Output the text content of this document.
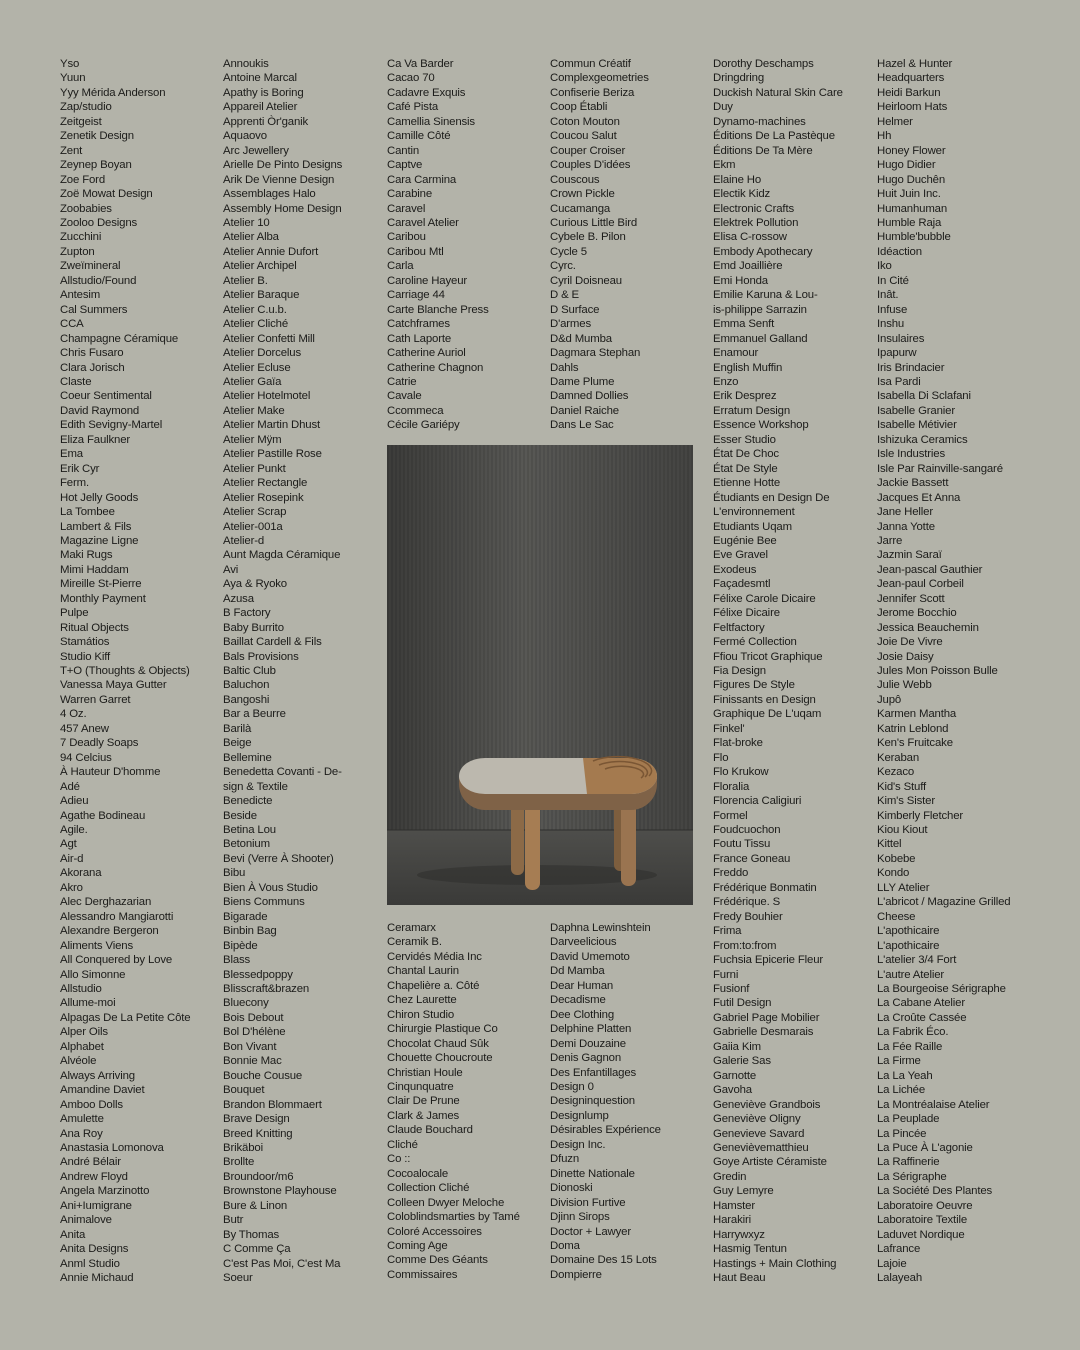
Yso
Yuun
Yyy Mérida Anderson
Zap/studio
Zeitgeist
Zenetik Design
Zent
Zeynep Boyan
Zoe Ford
Zoë Mowat Design
Zoobabies
Zooloo Designs
Zucchini
Zupton
Zweïmineral
Allstudio/Found
Antesim
Cal Summers
CCA
Champagne Céramique
Chris Fusaro
Clara Jorisch
Claste
Coeur Sentimental
David Raymond
Edith Sevigny-Martel
Eliza Faulkner
Ema
Erik Cyr
Ferm.
Hot Jelly Goods
La Tombee
Lambert & Fils
Magazine Ligne
Maki Rugs
Mimi Haddam
Mireille St-Pierre
Monthly Payment
Pulpe
Ritual Objects
Stamátios
Studio Kiff
T+O (Thoughts & Objects)
Vanessa Maya Gutter
Warren Garret
4 Oz.
457 Anew
7 Deadly Soaps
94 Celcius
À Hauteur D'homme
Adé
Adieu
Agathe Bodineau
Agile.
Agt
Air-d
Akorana
Akro
Alec Derghazarian
Alessandro Mangiarotti
Alexandre Bergeron
Aliments Viens
All Conquered by Love
Allo Simonne
Allstudio
Allume-moi
Alpagas De La Petite Côte
Alper Oils
Alphabet
Alvéole
Always Arriving
Amandine Daviet
Amboo Dolls
Amulette
Ana Roy
Anastasia Lomonova
André Bélair
Andrew Floyd
Angela Marzinotto
Ani+Iumigrane
Animalove
Anita
Anita Designs
Anml Studio
Annie Michaud
Annoukis
Antoine Marcal
Apathy is Boring
Appareil Atelier
Apprenti Òr'ganik
Aquaovo
Arc Jewellery
Arielle De Pinto Designs
Arik De Vienne Design
Assemblages Halo
Assembly Home Design
Atelier 10
Atelier Alba
Atelier Annie Dufort
Atelier Archipel
Atelier B.
Atelier Baraque
Atelier C.u.b.
Atelier Cliché
Atelier Confetti Mill
Atelier Dorcelus
Atelier Ecluse
Atelier Gaïa
Atelier Hotelmotel
Atelier Make
Atelier Martin Dhust
Atelier Mÿm
Atelier Pastille Rose
Atelier Punkt
Atelier Rectangle
Atelier Rosepink
Atelier Scrap
Atelier-001a
Atelier-d
Aunt Magda Céramique
Avi
Aya & Ryoko
Azusa
B Factory
Baby Burrito
Baillat Cardell & Fils
Bals Provisions
Baltic Club
Baluchon
Bangoshi
Bar a Beurre
Barilà
Beige
Bellemine
Benedetta Covanti - De-
sign & Textile
Benedicte
Beside
Betina Lou
Betonium
Bevi (Verre À Shooter)
Bibu
Bien À Vous Studio
Biens Communs
Bigarade
Binbin Bag
Bipède
Blass
Blessedpoppy
Blisscraft&brazen
Bluecony
Bois Debout
Bol D'hélène
Bon Vivant
Bonnie Mac
Bouche Cousue
Bouquet
Brandon Blommaert
Brave Design
Breed Knitting
Brikäboi
Brollte
Broundoor/m6
Brownstone Playhouse
Bure & Linon
Butr
By Thomas
C Comme Ça
C'est Pas Moi, C'est Ma
Soeur
Ca Va Barder
Cacao 70
Cadavre Exquis
Café Pista
Camellia Sinensis
Camille Côté
Cantin
Captve
Cara Carmina
Carabine
Caravel
Caravel Atelier
Caribou
Caribou Mtl
Carla
Caroline Hayeur
Carriage 44
Carte Blanche Press
Catchframes
Cath Laporte
Catherine Auriol
Catherine Chagnon
Catrie
Cavale
Ccommeca
Cécile Gariépy
Commun Créatif
Complexgeometries
Confiserie Beriza
Coop Établi
Coton Mouton
Coucou Salut
Couper Croiser
Couples D'idées
Couscous
Crown Pickle
Cucamanga
Curious Little Bird
Cybele B. Pilon
Cycle 5
Cyrc.
Cyril Doisneau
D & E
D Surface
D'armes
D&d Mumba
Dagmara Stephan
Dahls
Dame Plume
Damned Dollies
Daniel Raiche
Dans Le Sac
Dorothy Deschamps
Dringdring
Duckish Natural Skin Care
Duy
Dynamo-machines
Éditions De La Pastèque
Éditions De Ta Mère
Ekm
Elaine Ho
Electik Kidz
Electronic Crafts
Elektrek Pollution
Elisa C-rossow
Embody Apothecary
Emd Joaillière
Emi Honda
Emilie Karuna & Lou-
is-philippe Sarrazin
Emma Senft
Emmanuel Galland
Enamour
English Muffin
Enzo
Erik Desprez
Erratum Design
Essence Workshop
Esser Studio
État De Choc
État De Style
Etienne Hotte
Étudiants en Design De
L'environnement
Etudiants Uqam
Eugénie Bee
Eve Gravel
Exodeus
Façadesmtl
Félixe Carole Dicaire
Félixe Dicaire
Feltfactory
Fermé Collection
Ffiou Tricot Graphique
Fia Design
Figures De Style
Finissants en Design
Graphique De L'uqam
Finkel'
Flat-broke
Flo
Flo Krukow
Floralia
Florencia Caligiuri
Formel
Foudcuochon
Foutu Tissu
France Goneau
Freddo
Frédérique Bonmatin
Frédérique. S
Fredy Bouhier
Frima
From:to:from
Fuchsia Epicerie Fleur
Furni
Fusionf
Futil Design
Gabriel Page Mobilier
Gabrielle Desmarais
Gaiia Kim
Galerie Sas
Garnotte
Gavoha
Geneviève Grandbois
Geneviève Oligny
Genevieve Savard
Genevièvematthieu
Goye Artiste Céramiste
Gredin
Guy Lemyre
Hamster
Harakiri
Harrywxyz
Hasmig Tentun
Hastings + Main Clothing
Haut Beau
Hazel & Hunter
Headquarters
Heidi Barkun
Heirloom Hats
Helmer
Hh
Honey Flower
Hugo Didier
Hugo Duchên
Huit Juin Inc.
Humanhuman
Humble Raja
Humble'bubble
Idéaction
Iko
In Cité
Inât.
Infuse
Inshu
Insulaires
Ipapurw
Iris Brindacier
Isa Pardi
Isabella Di Sclafani
Isabelle Granier
Isabelle Métivier
Ishizuka Ceramics
Isle Industries
Isle Par Rainville-sangaré
Jackie Bassett
Jacques Et Anna
Jane Heller
Janna Yotte
Jarre
Jazmin Saraï
Jean-pascal Gauthier
Jean-paul Corbeil
Jennifer Scott
Jerome Bocchio
Jessica Beauchemin
Joie De Vivre
Josie Daisy
Jules Mon Poisson Bulle
Julie Webb
Jupô
Karmen Mantha
Katrin Leblond
Ken's Fruitcake
Keraban
Kezaco
Kid's Stuff
Kim's Sister
Kimberly Fletcher
Kiou Kiout
Kittel
Kobebe
Kondo
LLY Atelier
L'abricot / Magazine Grilled
Cheese
L'apothicaire
L'apothicaire
L'atelier 3/4 Fort
L'autre Atelier
La Bourgeoise Sérigraphe
La Cabane Atelier
La Croûte Cassée
La Fabrik Éco.
La Fée Raille
La Firme
La La Yeah
La Lichée
La Montréalaise Atelier
La Peuplade
La Pincée
La Puce À L'agonie
La Raffinerie
La Sérigraphe
La Société Des Plantes
Laboratoire Oeuvre
Laboratoire Textile
Laduvet Nordique
Lafrance
Lajoie
Lalayeah
Ceramarx
Ceramik B.
Cervidés Média Inc
Chantal Laurin
Chapelière a. Côté
Chez Laurette
Chiron Studio
Chirurgie Plastique Co
Chocolat Chaud Sûk
Chouette Choucroute
Christian Houle
Cinqunquatre
Clair De Prune
Clark & James
Claude Bouchard
Cliché
Co ::
Cocoalocale
Collection Cliché
Colleen Dwyer Meloche
Coloblindsmarties by Tamé
Coloré Accessoires
Coming Age
Comme Des Géants
Commissaires
Daphna Lewinshtein
Darveelicious
David Umemoto
Dd Mamba
Dear Human
Decadisme
Dee Clothing
Delphine Platten
Demi Douzaine
Denis Gagnon
Des Enfantillages
Design 0
Designinquestion
Designlump
Désirables Expérience
Design Inc.
Dfuzn
Dinette Nationale
Dionoski
Division Furtive
Djinn Sirops
Doctor + Lawyer
Doma
Domaine Des 15 Lots
Dompierre
